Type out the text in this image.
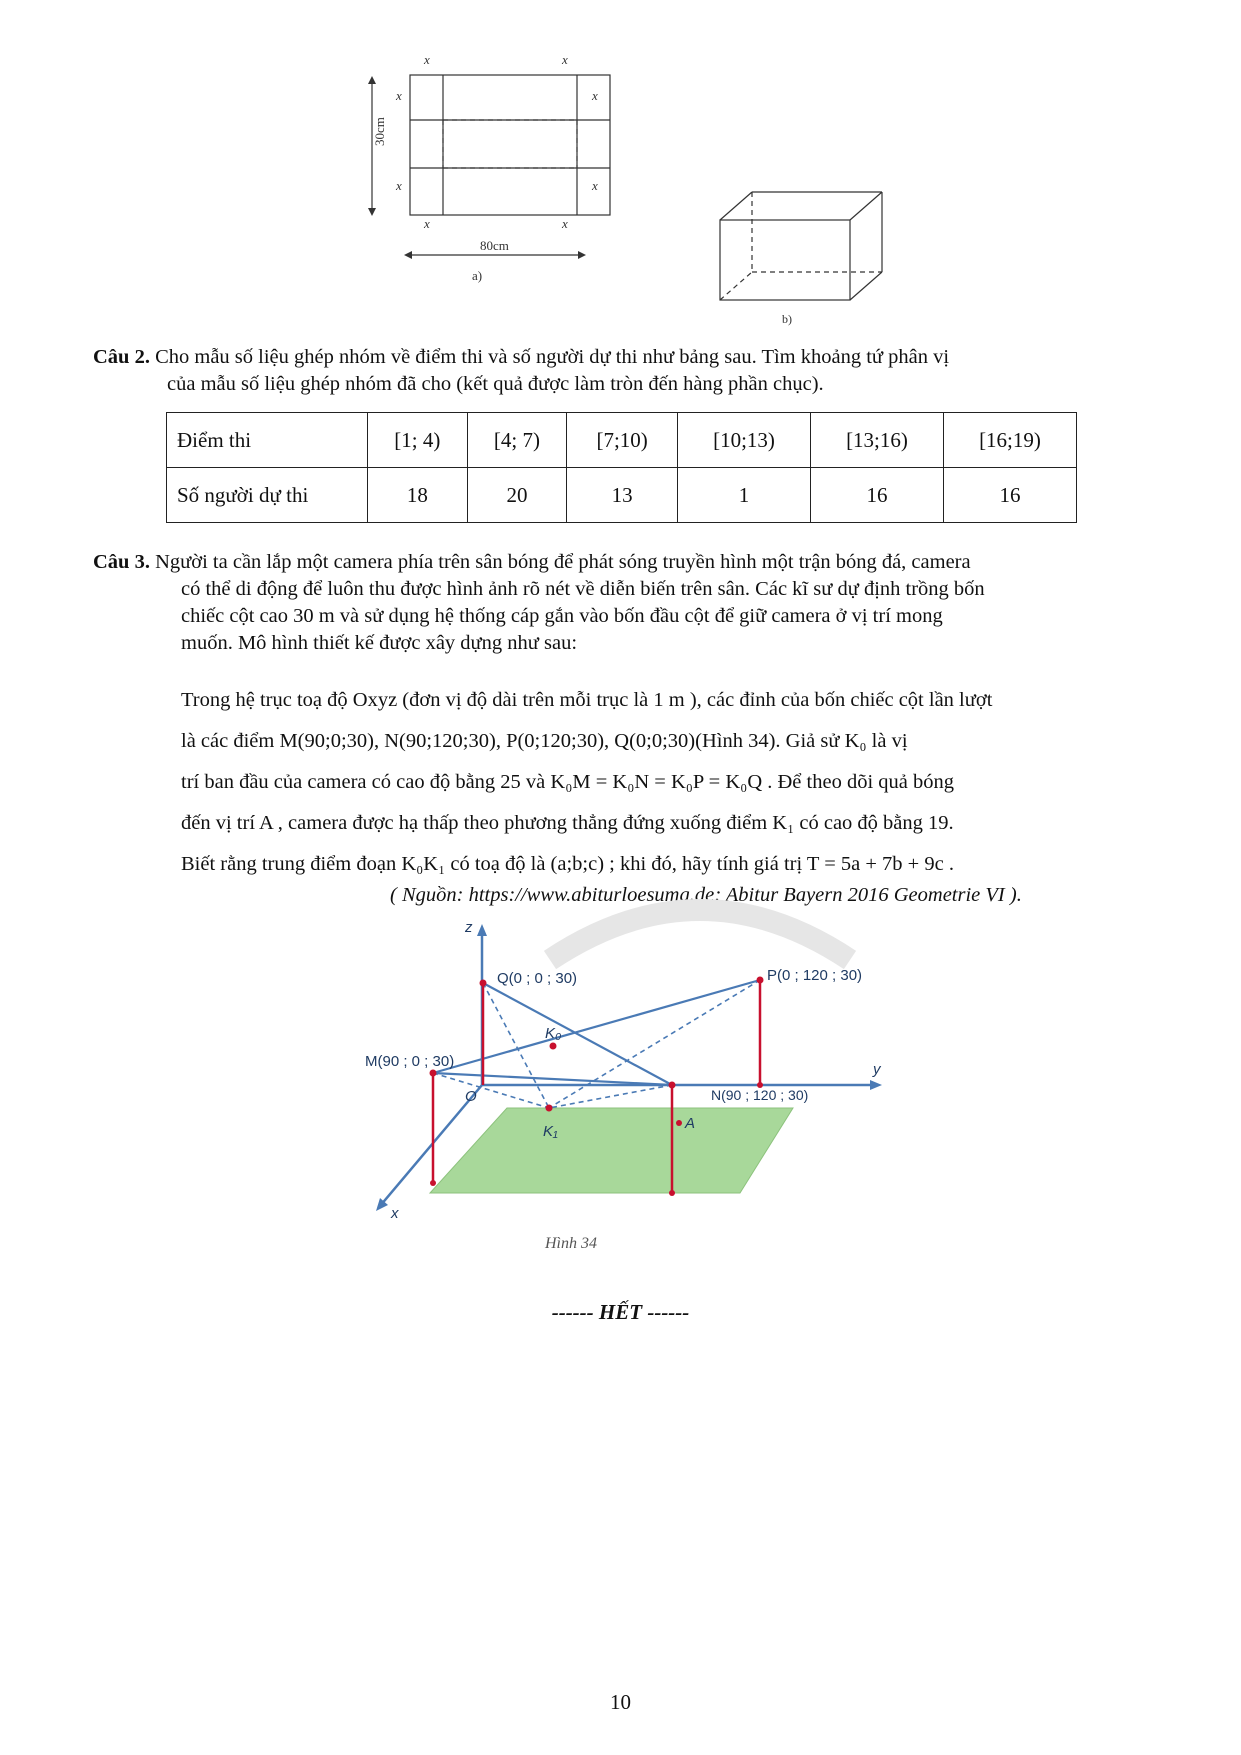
x	x
x	x
x	x
x	x
30cm
80cm
a)
b)
Câu 2. Cho mẫu số liệu ghép nhóm về điểm thi và số người dự thi như bảng sau. Tìm khoảng tứ phân vị
của mẫu số liệu ghép nhóm đã cho (kết quả được làm tròn đến hàng phần chục).
Điểm thi	[1; 4)	[4; 7)	[7;10)	[10;13)	[13;16)	[16;19)
Số người dự thi	18	20	13	1	16	16
Câu 3. Người ta cần lắp một camera phía trên sân bóng để phát sóng truyền hình một trận bóng đá, camera
có thể di động để luôn thu được hình ảnh rõ nét về diễn biến trên sân. Các kĩ sư dự định trồng bốn
chiếc cột cao 30 m và sử dụng hệ thống cáp gắn vào bốn đầu cột để giữ camera ở vị trí mong
muốn. Mô hình thiết kế được xây dựng như sau:
Trong hệ trục toạ độ Oxyz (đơn vị độ dài trên mỗi trục là 1 m ), các đỉnh của bốn chiếc cột lần lượt
là các điểm M(90;0;30), N(90;120;30), P(0;120;30), Q(0;0;30)(Hình 34). Giả sử K₀ là vị
trí ban đầu của camera có cao độ bằng 25 và K₀M = K₀N = K₀P = K₀Q . Để theo dõi quả bóng
đến vị trí A , camera được hạ thấp theo phương thẳng đứng xuống điểm K₁ có cao độ bằng 19.
Biết rằng trung điểm đoạn K₀K₁ có toạ độ là (a;b;c) ; khi đó, hãy tính giá trị T = 5a + 7b + 9c .
( Nguồn: https://www.abiturloesumg.de; Abitur Bayern 2016 Geometrie VI ).
z
y
x
Q(0 ; 0 ; 30)	P(0 ; 120 ; 30)
M(90 ; 0 ; 30)
N(90 ; 120 ; 30)
O
K₀
K₁	A
Hình 34
------ HẾT ------
10
